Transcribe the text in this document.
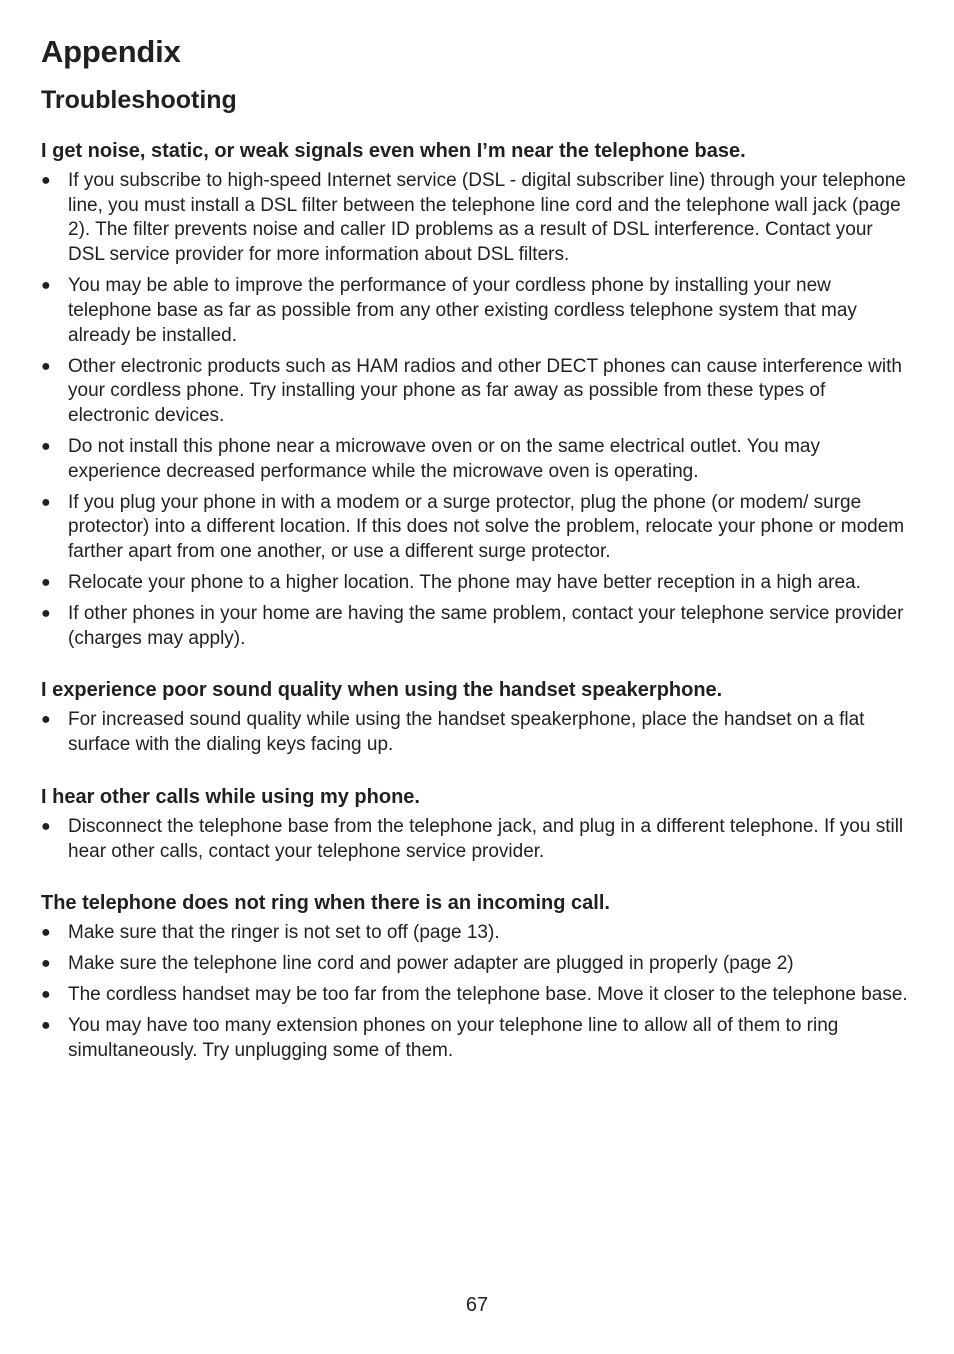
Appendix
Troubleshooting
I get noise, static, or weak signals even when I’m near the telephone base.
● If you subscribe to high-speed Internet service (DSL - digital subscriber line) through your telephone line, you must install a DSL filter between the telephone line cord and the telephone wall jack (page 2). The filter prevents noise and caller ID problems as a result of DSL interference. Contact your DSL service provider for more information about DSL filters.
● You may be able to improve the performance of your cordless phone by installing your new telephone base as far as possible from any other existing cordless telephone system that may already be installed.
● Other electronic products such as HAM radios and other DECT phones can cause interference with your cordless phone. Try installing your phone as far away as possible from these types of electronic devices.
● Do not install this phone near a microwave oven or on the same electrical outlet. You may experience decreased performance while the microwave oven is operating.
● If you plug your phone in with a modem or a surge protector, plug the phone (or modem/ surge protector) into a different location. If this does not solve the problem, relocate your phone or modem farther apart from one another, or use a different surge protector.
● Relocate your phone to a higher location. The phone may have better reception in a high area.
● If other phones in your home are having the same problem, contact your telephone service provider (charges may apply).
I experience poor sound quality when using the handset speakerphone.
● For increased sound quality while using the handset speakerphone, place the handset on a flat surface with the dialing keys facing up.
I hear other calls while using my phone.
● Disconnect the telephone base from the telephone jack, and plug in a different telephone. If you still hear other calls, contact your telephone service provider.
The telephone does not ring when there is an incoming call.
● Make sure that the ringer is not set to off (page 13).
● Make sure the telephone line cord and power adapter are plugged in properly (page 2)
● The cordless handset may be too far from the telephone base. Move it closer to the telephone base.
● You may have too many extension phones on your telephone line to allow all of them to ring simultaneously. Try unplugging some of them.
67
